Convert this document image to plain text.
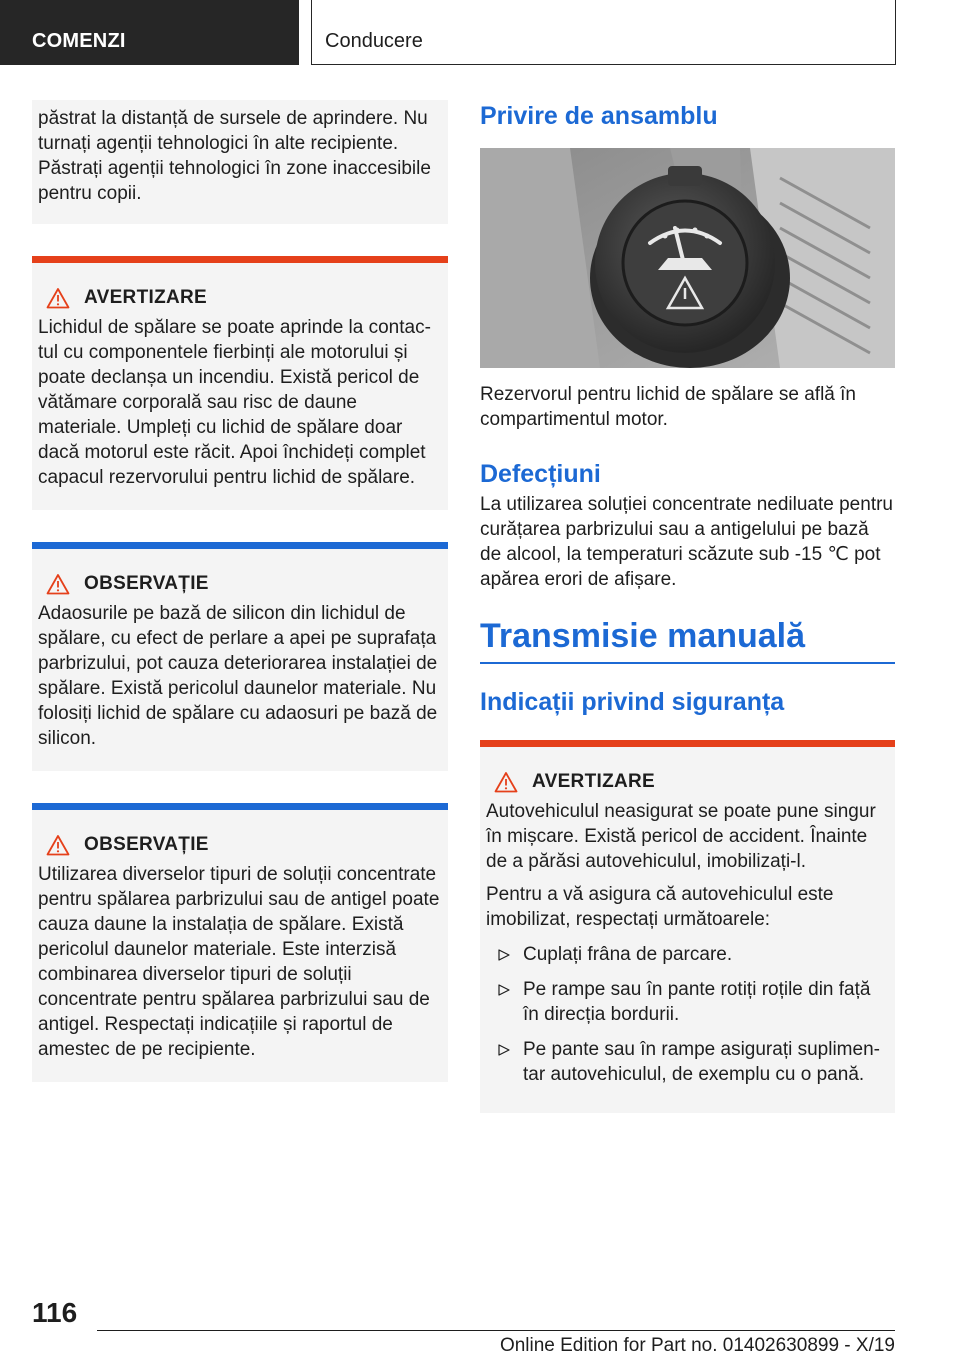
COMENZI	Conducere

păstrat la distanță de sursele de aprindere. Nu turnați agenții tehnologici în alte recipiente. Păstrați agenții tehnologici în zone inaccesibile pentru copii.

AVERTIZARE

Lichidul de spălare se poate aprinde la contactul cu componentele fierbinți ale motorului și poate declanșa un incendiu. Există pericol de vătămare corporală sau risc de daune materiale. Umpleți cu lichid de spălare doar dacă motorul este răcit. Apoi închideți complet capacul rezervorului pentru lichid de spălare.

OBSERVAȚIE

Adaosurile pe bază de silicon din lichidul de spălare, cu efect de perlare a apei pe suprafața parbrizului, pot cauza deteriorarea instalației de spălare. Există pericolul daunelor materiale. Nu folosiți lichid de spălare cu adaosuri pe bază de silicon.

OBSERVAȚIE

Utilizarea diverselor tipuri de soluții concentrate pentru spălarea parbrizului sau de antigel poate cauza daune la instalația de spălare. Există pericolul daunelor materiale. Este interzisă combinarea diverselor tipuri de soluții concentrate pentru spălarea parbrizului sau de antigel. Respectați indicațiile și raportul de amestec de pe recipiente.

Privire de ansamblu

Rezervorul pentru lichid de spălare se află în compartimentul motor.

Defecțiuni

La utilizarea soluției concentrate nediluate pentru curățarea parbrizului sau a antigelului pe bază de alcool, la temperaturi scăzute sub -15 ℃ pot apărea erori de afișare.

Transmisie manuală
Indicații privind siguranța
AVERTIZARE

Autovehiculul neasigurat se poate pune singur în mișcare. Există pericol de accident. Înainte de a părăsi autovehiculul, imobilizați-l.

Pentru a vă asigura că autovehiculul este imobilizat, respectați următoarele:

Cuplați frâna de parcare.
Pe rampe sau în pante rotiți roțile din față în direcția bordurii.
Pe pante sau în rampe asigurați suplimentar autovehiculul, de exemplu cu o pană.
116
Online Edition for Part no. 01402630899 - X/19
